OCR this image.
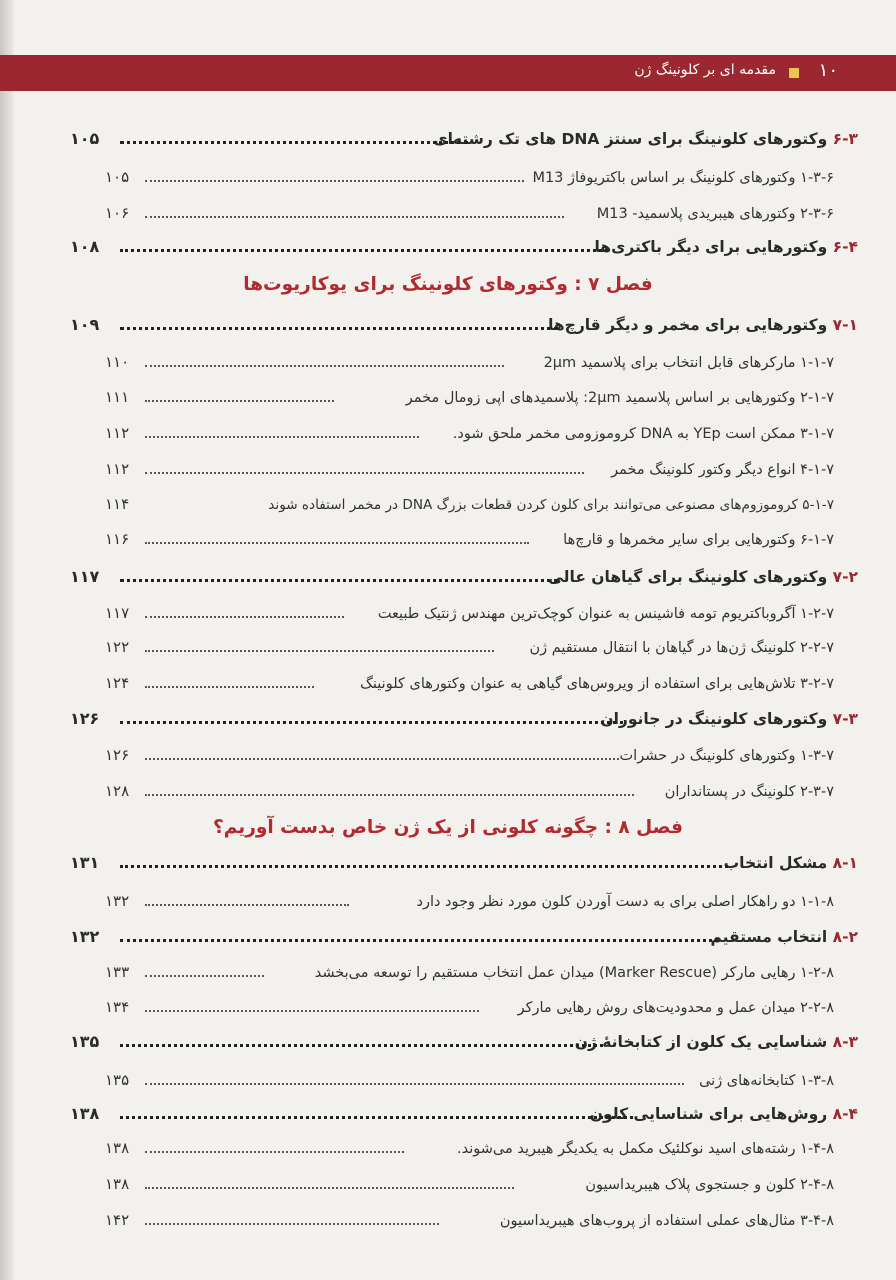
۱۰
مقدمه ای بر کلونینگ ژن
۶-۳ وکتورهای کلونینگ برای سنتز DNA های تک رشته‌ای
۱۰۵
۱-۳-۶ وکتورهای کلونینگ بر اساس باکتریوفاژ M13
۱۰۵
۲-۳-۶ وکتورهای هیبریدی پلاسمید- M13
۱۰۶
۶-۴ وکتورهایی برای دیگر باکتری‌ها
۱۰۸
فصل ۷ : وکتورهای کلونینگ برای یوکاریوت‌ها
۷-۱ وکتورهایی برای مخمر و دیگر قارچ‌ها
۱۰۹
۱-۱-۷ مارکرهای قابل انتخاب برای پلاسمید 2µm
۱۱۰
۲-۱-۷ وکتورهایی بر اساس پلاسمید 2µm: پلاسمیدهای اپی زومال مخمر
۱۱۱
۳-۱-۷ ممکن است YEp به DNA کروموزومی مخمر ملحق شود.
۱۱۲
۴-۱-۷ انواع دیگر وکتور کلونینگ مخمر
۱۱۲
۵-۱-۷ کروموزوم‌های مصنوعی می‌توانند برای کلون کردن قطعات بزرگ DNA در مخمر استفاده شوند
۱۱۴
۶-۱-۷ وکتورهایی برای سایر مخمرها و قارچ‌ها
۱۱۶
۷-۲ وکتورهای کلونینگ برای گیاهان عالی
۱۱۷
۱-۲-۷ آگروباکتریوم تومه فاشینس به عنوان کوچک‌ترین مهندس ژنتیک طبیعت
۱۱۷
۲-۲-۷ کلونینگ ژن‌ها در گیاهان با انتقال مستقیم ژن
۱۲۲
۳-۲-۷ تلاش‌هایی برای استفاده از ویروس‌های گیاهی به عنوان وکتورهای کلونینگ
۱۲۴
۷-۳ وکتورهای کلونینگ در جانوران
۱۲۶
۱-۳-۷ وکتورهای کلونینگ در حشرات
۱۲۶
۲-۳-۷ کلونینگ در پستانداران
۱۲۸
فصل ۸ : چگونه کلونی از یک ژن خاص بدست آوریم؟
۸-۱ مشکل انتخاب
۱۳۱
۱-۱-۸ دو راهکار اصلی برای به دست آوردن کلون مورد نظر وجود دارد
۱۳۲
۸-۲ انتخاب مستقیم
۱۳۲
۱-۲-۸ رهایی مارکر (Marker Rescue) میدان عمل انتخاب مستقیم را توسعه می‌بخشد
۱۳۳
۲-۲-۸ میدان عمل و محدودیت‌های روش رهایی مارکر
۱۳۴
۸-۳ شناسایی یک کلون از کتابخانهٔ ژن
۱۳۵
۱-۳-۸ کتابخانه‌های ژنی
۱۳۵
۸-۴ روش‌هایی برای شناسایی کلون
۱۳۸
۱-۴-۸ رشته‌های اسید نوکلئیک مکمل به یکدیگر هیبرید می‌شوند.
۱۳۸
۲-۴-۸ کلون و جستجوی پلاک هیبریداسیون
۱۳۸
۳-۴-۸ مثال‌های عملی استفاده از پروب‌های هیبریداسیون
۱۴۲
